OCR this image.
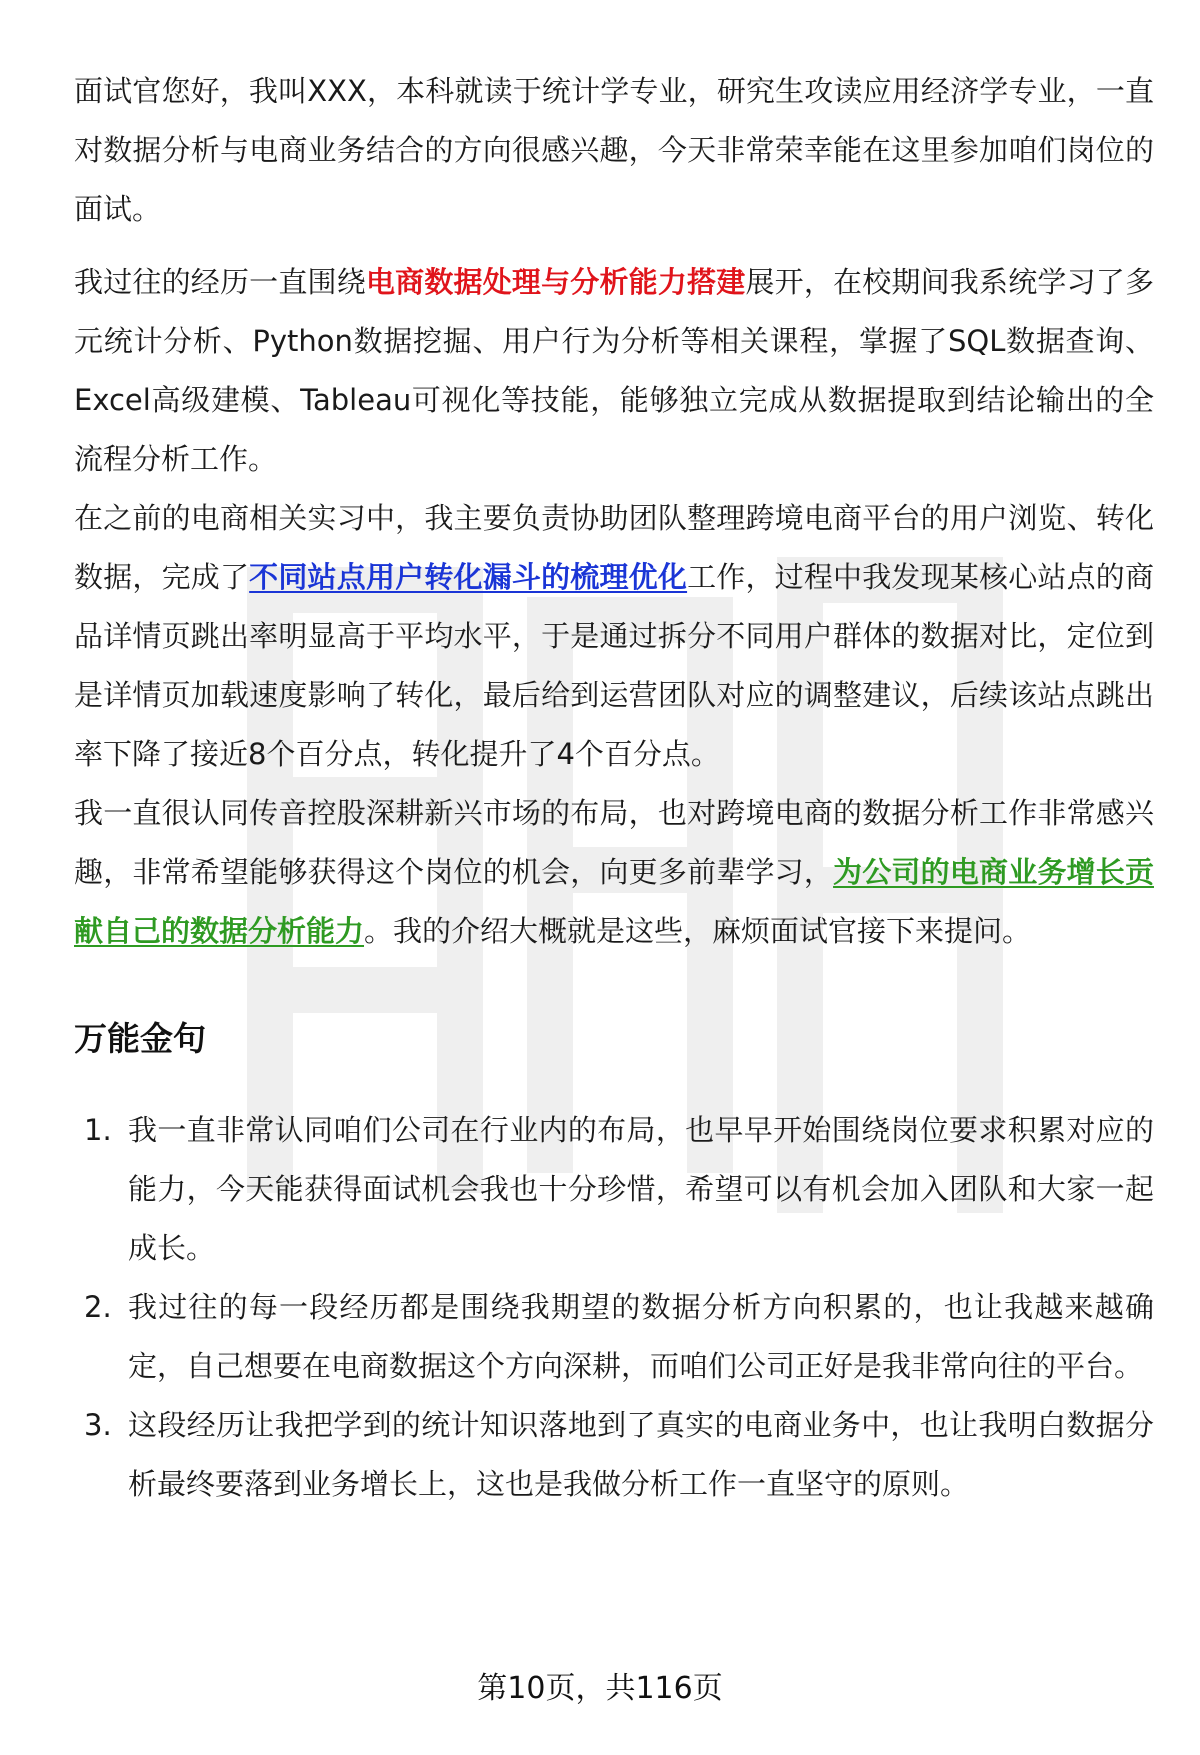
面试官您好，我叫XXX，本科就读于统计学专业，研究生攻读应用经济学专业，一直对数据分析与电商业务结合的方向很感兴趣，今天非常荣幸能在这里参加咱们岗位的面试。

我过往的经历一直围绕电商数据处理与分析能力搭建展开，在校期间我系统学习了多元统计分析、Python数据挖掘、用户行为分析等相关课程，掌握了SQL数据查询、Excel高级建模、Tableau可视化等技能，能够独立完成从数据提取到结论输出的全流程分析工作。

在之前的电商相关实习中，我主要负责协助团队整理跨境电商平台的用户浏览、转化数据，完成了不同站点用户转化漏斗的梳理优化工作，过程中我发现某核心站点的商品详情页跳出率明显高于平均水平，于是通过拆分不同用户群体的数据对比，定位到是详情页加载速度影响了转化，最后给到运营团队对应的调整建议，后续该站点跳出率下降了接近8个百分点，转化提升了4个百分点。

我一直很认同传音控股深耕新兴市场的布局，也对跨境电商的数据分析工作非常感兴趣，非常希望能够获得这个岗位的机会，向更多前辈学习，为公司的电商业务增长贡献自己的数据分析能力。我的介绍大概就是这些，麻烦面试官接下来提问。

万能金句
1. 我一直非常认同咱们公司在行业内的布局，也早早开始围绕岗位要求积累对应的能力，今天能获得面试机会我也十分珍惜，希望可以有机会加入团队和大家一起成长。
2. 我过往的每一段经历都是围绕我期望的数据分析方向积累的，也让我越来越确定，自己想要在电商数据这个方向深耕，而咱们公司正好是我非常向往的平台。
3. 这段经历让我把学到的统计知识落地到了真实的电商业务中，也让我明白数据分析最终要落到业务增长上，这也是我做分析工作一直坚守的原则。
第10页，共116页
